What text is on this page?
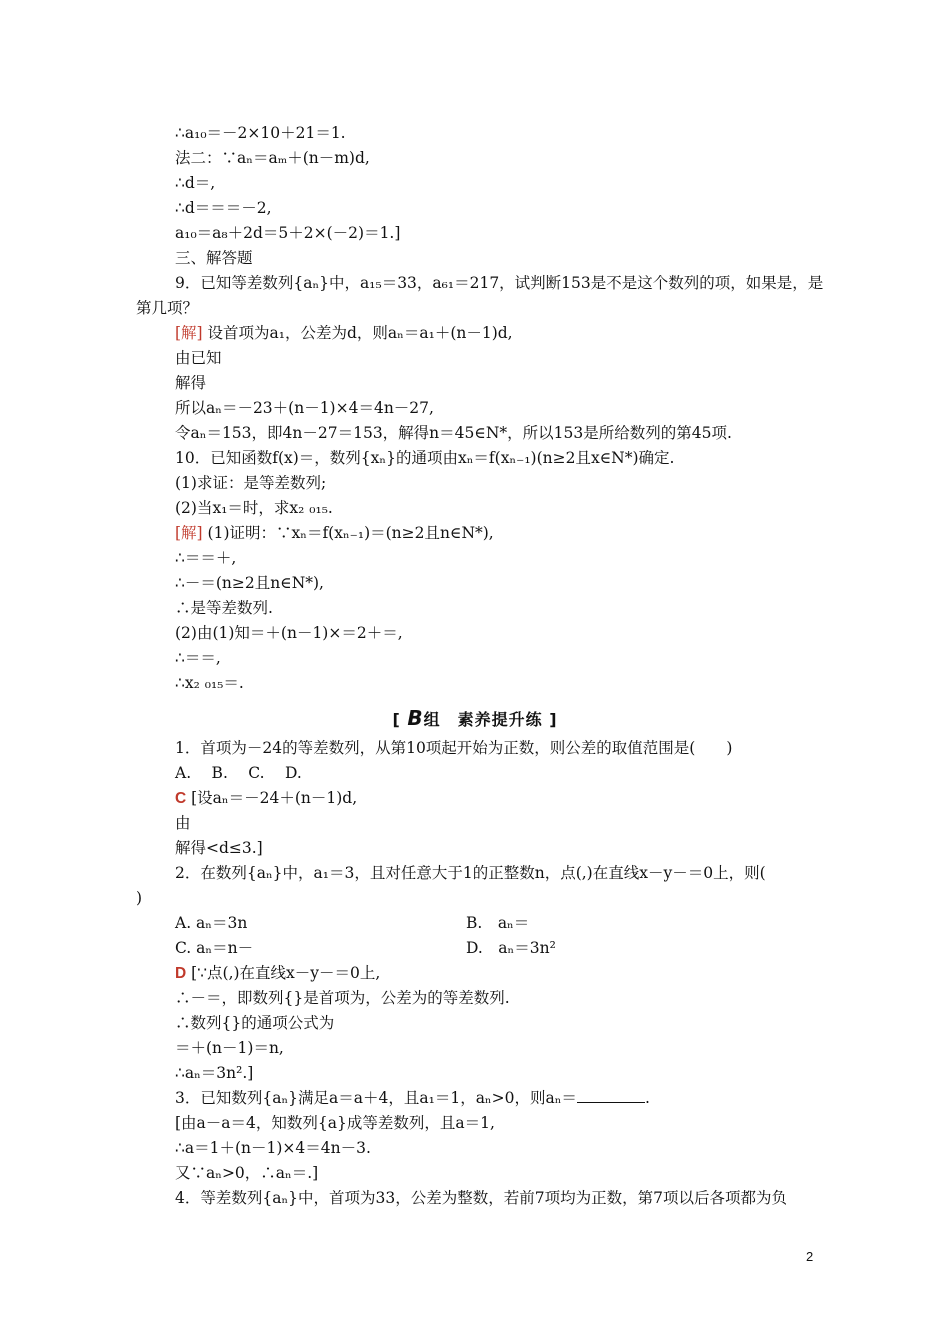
∴a₁₀＝－2×10＋21＝1.
法二：∵aₙ＝aₘ＋(n－m)d,
∴d＝,
∴d＝＝＝－2,
a₁₀＝a₈＋2d＝5＋2×(－2)＝1.]
三、解答题
9．已知等差数列{aₙ}中，a₁₅＝33，a₆₁＝217，试判断153是不是这个数列的项，如果是，是
第几项？
[解] 设首项为a₁，公差为d，则aₙ＝a₁＋(n－1)d,
由已知
解得
所以aₙ＝－23＋(n－1)×4＝4n－27,
令aₙ＝153，即4n－27＝153，解得n＝45∈N*，所以153是所给数列的第45项.
10．已知函数f(x)＝，数列{xₙ}的通项由xₙ＝f(xₙ₋₁)(n≥2且x∈N*)确定.
(1)求证：是等差数列;
(2)当x₁＝时，求x₂ ₀₁₅.
[解] (1)证明：∵xₙ＝f(xₙ₋₁)＝(n≥2且n∈N*),
∴＝＝＋,
∴－＝(n≥2且n∈N*),
∴是等差数列.
(2)由(1)知＝＋(n－1)×＝2＋＝,
∴＝＝,
∴x₂ ₀₁₅＝.
[ B组　素养提升练 ]
1．首项为－24的等差数列，从第10项起开始为正数，则公差的取值范围是(　　)
A.　 B.　 C.　 D.
C [设aₙ＝－24＋(n－1)d,
由
解得<d≤3.]
2．在数列{aₙ}中，a₁＝3，且对任意大于1的正整数n，点(,)在直线x－y－＝0上，则(
)
A. aₙ＝3n	B.　aₙ＝
C. aₙ＝n－	D.　aₙ＝3n²
D [∵点(,)在直线x－y－＝0上,
∴－＝，即数列{}是首项为，公差为的等差数列.
∴数列{}的通项公式为
＝＋(n－1)＝n,
∴aₙ＝3n².]
3．已知数列{aₙ}满足a＝a＋4，且a₁＝1，aₙ>0，则aₙ＝	.
[由a－a＝4，知数列{a}成等差数列，且a＝1,
∴a＝1＋(n－1)×4＝4n－3.
又∵aₙ>0，∴aₙ＝.]
4．等差数列{aₙ}中，首项为33，公差为整数，若前7项均为正数，第7项以后各项都为负
2
